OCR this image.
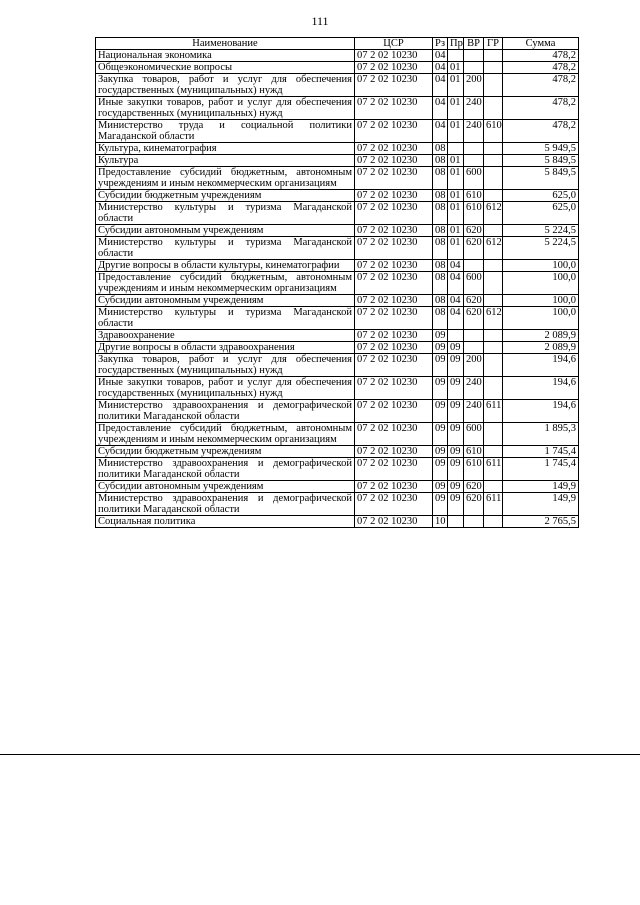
111
Наименование	ЦСР	Рз	Пр	ВР	ГР	Сумма
Национальная экономика	07 2 02 10230	04				478,2
Общеэкономические вопросы	07 2 02 10230	04	01			478,2
Закупка товаров, работ и услуг для обеспечения государственных (муниципальных) нужд	07 2 02 10230	04	01	200		478,2
Иные закупки товаров, работ и услуг для обеспечения государственных (муниципальных) нужд	07 2 02 10230	04	01	240		478,2
Министерство труда и социальной политики Магаданской области	07 2 02 10230	04	01	240	610	478,2
Культура, кинематография	07 2 02 10230	08				5 949,5
Культура	07 2 02 10230	08	01			5 849,5
Предоставление субсидий бюджетным, автономным учреждениям и иным некоммерческим организациям	07 2 02 10230	08	01	600		5 849,5
Субсидии бюджетным учреждениям	07 2 02 10230	08	01	610		625,0
Министерство культуры и туризма Магаданской области	07 2 02 10230	08	01	610	612	625,0
Субсидии автономным учреждениям	07 2 02 10230	08	01	620		5 224,5
Министерство культуры и туризма Магаданской области	07 2 02 10230	08	01	620	612	5 224,5
Другие вопросы в области культуры, кинематографии	07 2 02 10230	08	04			100,0
Предоставление субсидий бюджетным, автономным учреждениям и иным некоммерческим организациям	07 2 02 10230	08	04	600		100,0
Субсидии автономным учреждениям	07 2 02 10230	08	04	620		100,0
Министерство культуры и туризма Магаданской области	07 2 02 10230	08	04	620	612	100,0
Здравоохранение	07 2 02 10230	09				2 089,9
Другие вопросы в области здравоохранения	07 2 02 10230	09	09			2 089,9
Закупка товаров, работ и услуг для обеспечения государственных (муниципальных) нужд	07 2 02 10230	09	09	200		194,6
Иные закупки товаров, работ и услуг для обеспечения государственных (муниципальных) нужд	07 2 02 10230	09	09	240		194,6
Министерство здравоохранения и демографической политики Магаданской области	07 2 02 10230	09	09	240	611	194,6
Предоставление субсидий бюджетным, автономным учреждениям и иным некоммерческим организациям	07 2 02 10230	09	09	600		1 895,3
Субсидии бюджетным учреждениям	07 2 02 10230	09	09	610		1 745,4
Министерство здравоохранения и демографической политики Магаданской области	07 2 02 10230	09	09	610	611	1 745,4
Субсидии автономным учреждениям	07 2 02 10230	09	09	620		149,9
Министерство здравоохранения и демографической политики Магаданской области	07 2 02 10230	09	09	620	611	149,9
Социальная политика	07 2 02 10230	10				2 765,5
